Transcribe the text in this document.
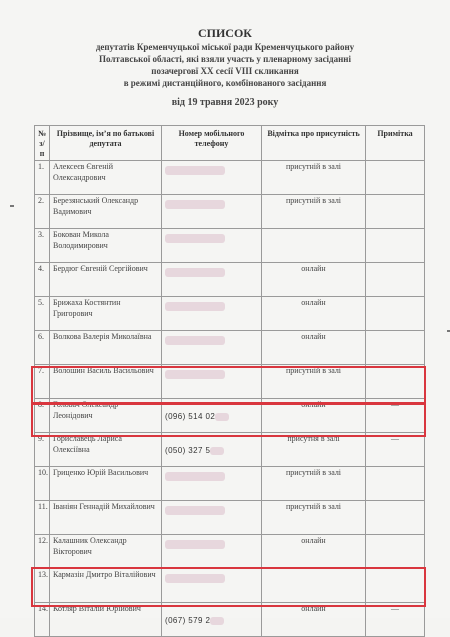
СПИСОК
депутатів Кременчуцької міської ради Кременчуцького району
Полтавської області, які взяли участь у пленарному засіданні
позачерговї XX сесії VIII скликання
в режимі дистанційного, комбінованого засідання
від 19 травня 2023 року
№ з/п	Прізвище, ім’я по батькові депутата	Номер мобільного телефону	Відмітка про присутність	Примітка
1.	Алексеєв Євгеній Олександрович		присутній в залі	
2.	Березянський Олександр Вадимович		присутній в залі	
3.	Бокован Микола Володимирович			
4.	Бердюг Євгеній Сергійович		онлайн	
5.	Брижаха Костянтин Григорович		онлайн	
6.	Волкова Валерія Миколаївна		онлайн	
7.	Волошин Василь Васильович		присутній в залі	
8.	Головач Олександр Леонідович	(096) 514 02	онлайн	—
9.	Гориславець Лариса Олексіївна	(050) 327 5	присутня в залі	—
10.	Гриценко Юрій Васильович		присутній в залі	
11.	Іваніян Геннадій Михайлович		присутній в залі	
12.	Калашник Олександр Вікторович		онлайн	
13.	Кармазін Дмитро Віталійович			
14.	Котляр Віталій Юрійович	(067) 579 2	онлайн	—
